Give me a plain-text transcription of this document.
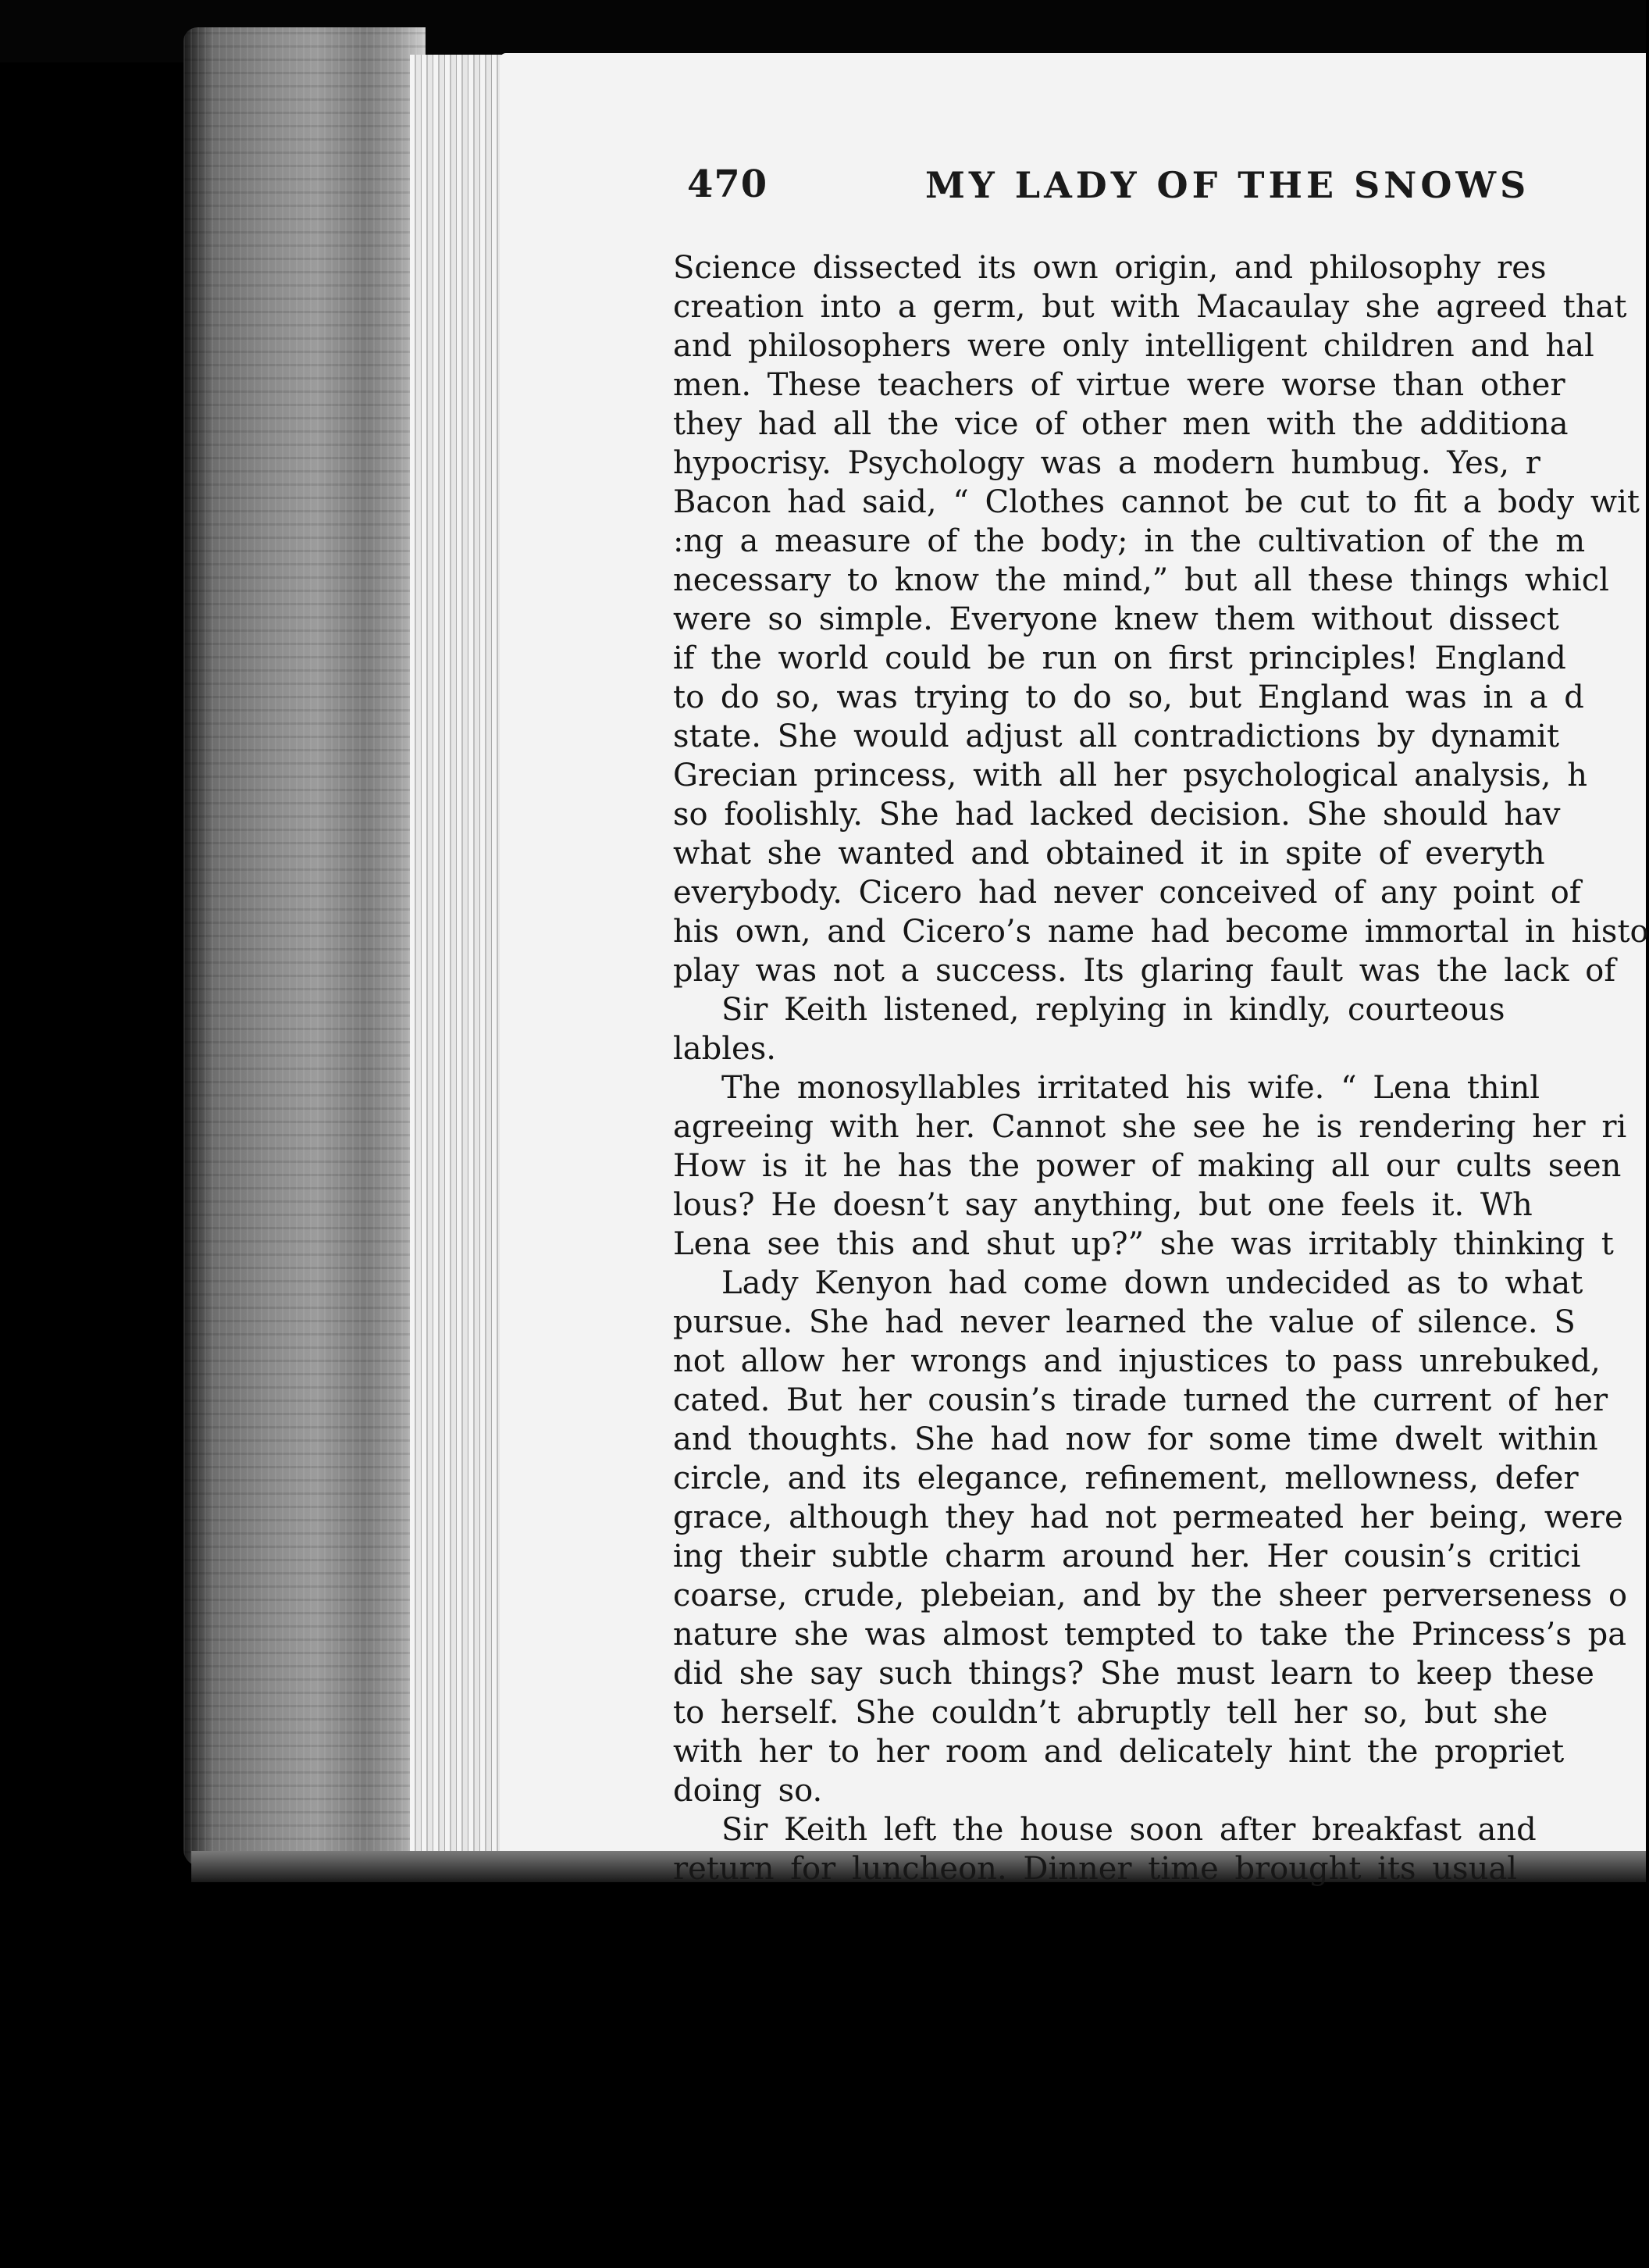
470	MY LADY OF THE SNOWS
Science dissected its own origin, and philosophy res
creation into a germ, but with Macaulay she agreed that
and philosophers were only intelligent children and hal
men. These teachers of virtue were worse than other
they had all the vice of other men with the additiona
hypocrisy. Psychology was a modern humbug. Yes, r
Bacon had said, “ Clothes cannot be cut to fit a body wit
:ng a measure of the body; in the cultivation of the m
necessary to know the mind,” but all these things whicl
were so simple. Everyone knew them without dissect
if the world could be run on first principles! England
to do so, was trying to do so, but England was in a d
state. She would adjust all contradictions by dynamit
Grecian princess, with all her psychological analysis, h
so foolishly. She had lacked decision. She should hav
what she wanted and obtained it in spite of everyth
everybody. Cicero had never conceived of any point of
his own, and Cicero’s name had become immortal in histo
play was not a success. Its glaring fault was the lack of
Sir Keith listened, replying in kindly, courteous
lables.
The monosyllables irritated his wife. “ Lena thinl
agreeing with her. Cannot she see he is rendering her ri
How is it he has the power of making all our cults seen
lous? He doesn’t say anything, but one feels it. Wh
Lena see this and shut up?” she was irritably thinking t
Lady Kenyon had come down undecided as to what
pursue. She had never learned the value of silence. S
not allow her wrongs and injustices to pass unrebuked,
cated. But her cousin’s tirade turned the current of her
and thoughts. She had now for some time dwelt within
circle, and its elegance, refinement, mellowness, defer
grace, although they had not permeated her being, were
ing their subtle charm around her. Her cousin’s critici
coarse, crude, plebeian, and by the sheer perverseness o
nature she was almost tempted to take the Princess’s pa
did she say such things? She must learn to keep these
to herself. She couldn’t abruptly tell her so, but she
with her to her room and delicately hint the propriet
doing so.
Sir Keith left the house soon after breakfast and
return for luncheon. Dinner time brought its usual
